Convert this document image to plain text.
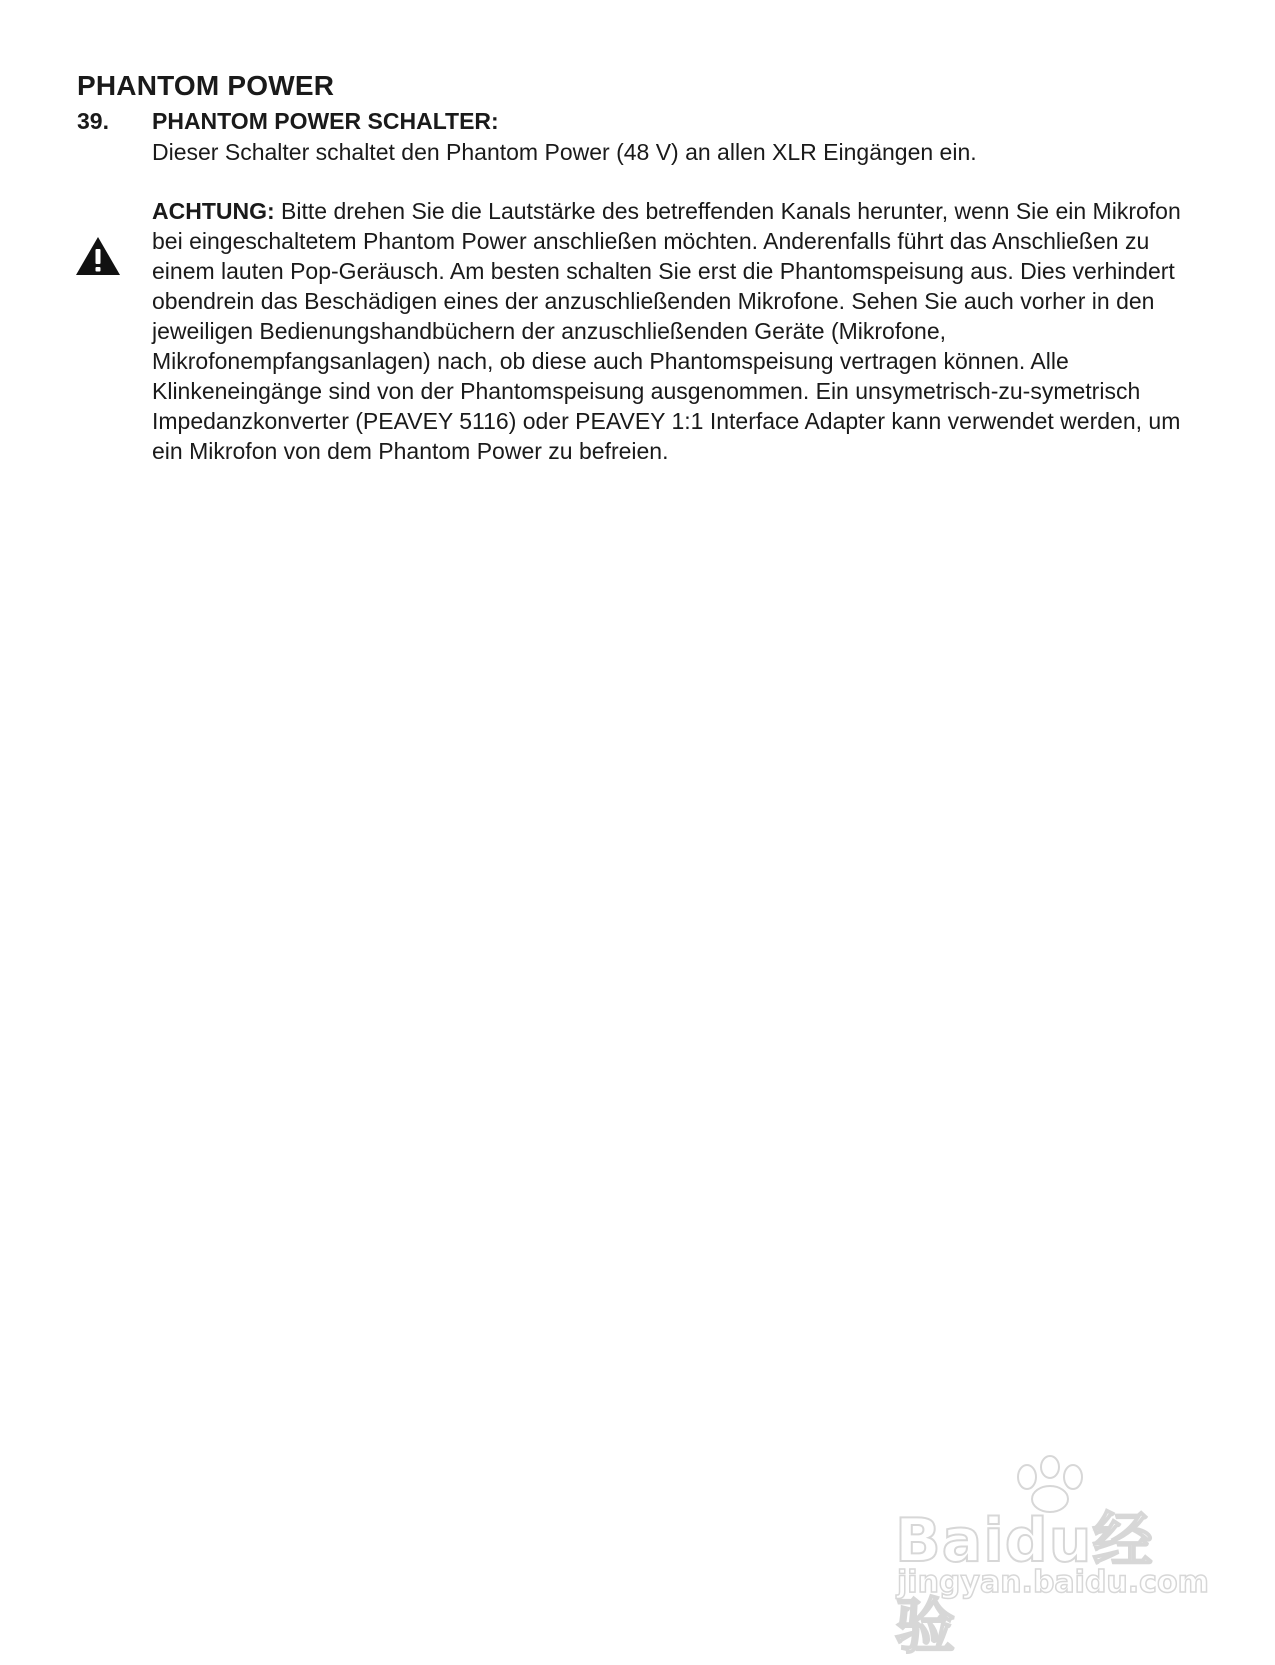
PHANTOM POWER
39. PHANTOM POWER SCHALTER:
Dieser Schalter schaltet den Phantom Power (48 V) an allen XLR Eingängen ein.

ACHTUNG: Bitte drehen Sie die Lautstärke des betreffenden Kanals herunter, wenn Sie ein Mikrofon bei eingeschaltetem Phantom Power anschließen möchten. Anderenfalls führt das Anschließen zu einem lauten Pop-Geräusch. Am besten schalten Sie erst die Phantomspeisung aus. Dies verhindert obendrein das Beschädigen eines der anzuschließenden Mikrofone. Sehen Sie auch vorher in den jeweiligen Bedienungshandbüchern der anzuschließenden Geräte (Mikrofone, Mikrofonempfangsanlagen) nach, ob diese auch Phantomspeisung vertragen können. Alle Klinkeneingänge sind von der Phantomspeisung ausgenommen. Ein unsymetrisch-zu-symetrisch Impedanzkonverter (PEAVEY 5116) oder PEAVEY 1:1 Interface Adapter kann verwendet werden, um ein Mikrofon von dem Phantom Power zu befreien.

Baidu经验
jingyan.baidu.com
